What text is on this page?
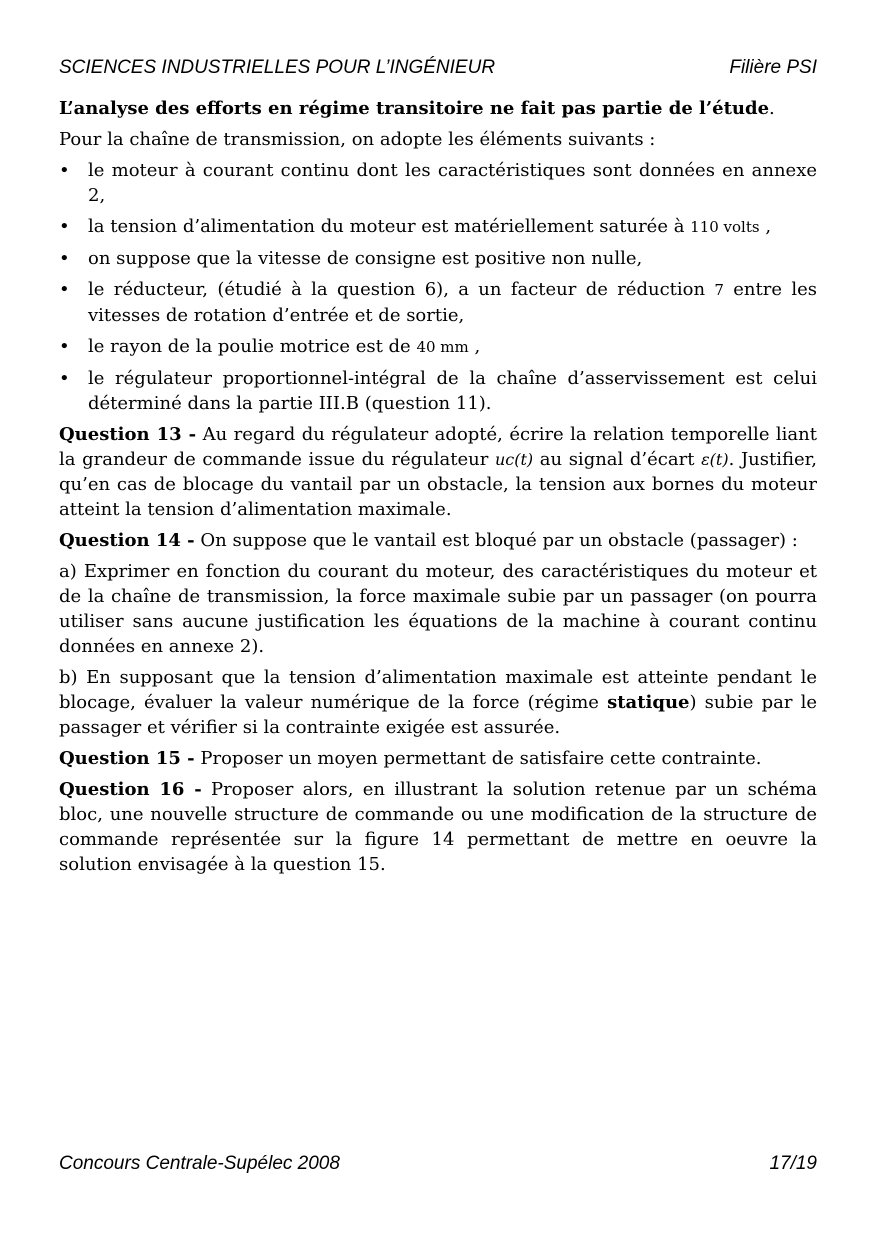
SCIENCES INDUSTRIELLES POUR L’INGÉNIEUR	Filière PSI

L’analyse des efforts en régime transitoire ne fait pas partie de l’étude.

Pour la chaîne de transmission, on adopte les éléments suivants :

• le moteur à courant continu dont les caractéristiques sont données en annexe 2,
• la tension d’alimentation du moteur est matériellement saturée à 110 volts ,
• on suppose que la vitesse de consigne est positive non nulle,
• le réducteur, (étudié à la question 6), a un facteur de réduction 7 entre les vitesses de rotation d’entrée et de sortie,
• le rayon de la poulie motrice est de 40 mm ,
• le régulateur proportionnel-intégral de la chaîne d’asservissement est celui déterminé dans la partie III.B (question 11).

Question 13 - Au regard du régulateur adopté, écrire la relation temporelle liant la grandeur de commande issue du régulateur uc(t) au signal d’écart ε(t). Justifier, qu’en cas de blocage du vantail par un obstacle, la tension aux bornes du moteur atteint la tension d’alimentation maximale.

Question 14 - On suppose que le vantail est bloqué par un obstacle (passager) :

a) Exprimer en fonction du courant du moteur, des caractéristiques du moteur et de la chaîne de transmission, la force maximale subie par un passager (on pourra utiliser sans aucune justification les équations de la machine à courant continu données en annexe 2).

b) En supposant que la tension d’alimentation maximale est atteinte pendant le blocage, évaluer la valeur numérique de la force (régime statique) subie par le passager et vérifier si la contrainte exigée est assurée.

Question 15 - Proposer un moyen permettant de satisfaire cette contrainte.

Question 16 - Proposer alors, en illustrant la solution retenue par un schéma bloc, une nouvelle structure de commande ou une modification de la structure de commande représentée sur la figure 14 permettant de mettre en oeuvre la solution envisagée à la question 15.

Concours Centrale-Supélec 2008	17/19
